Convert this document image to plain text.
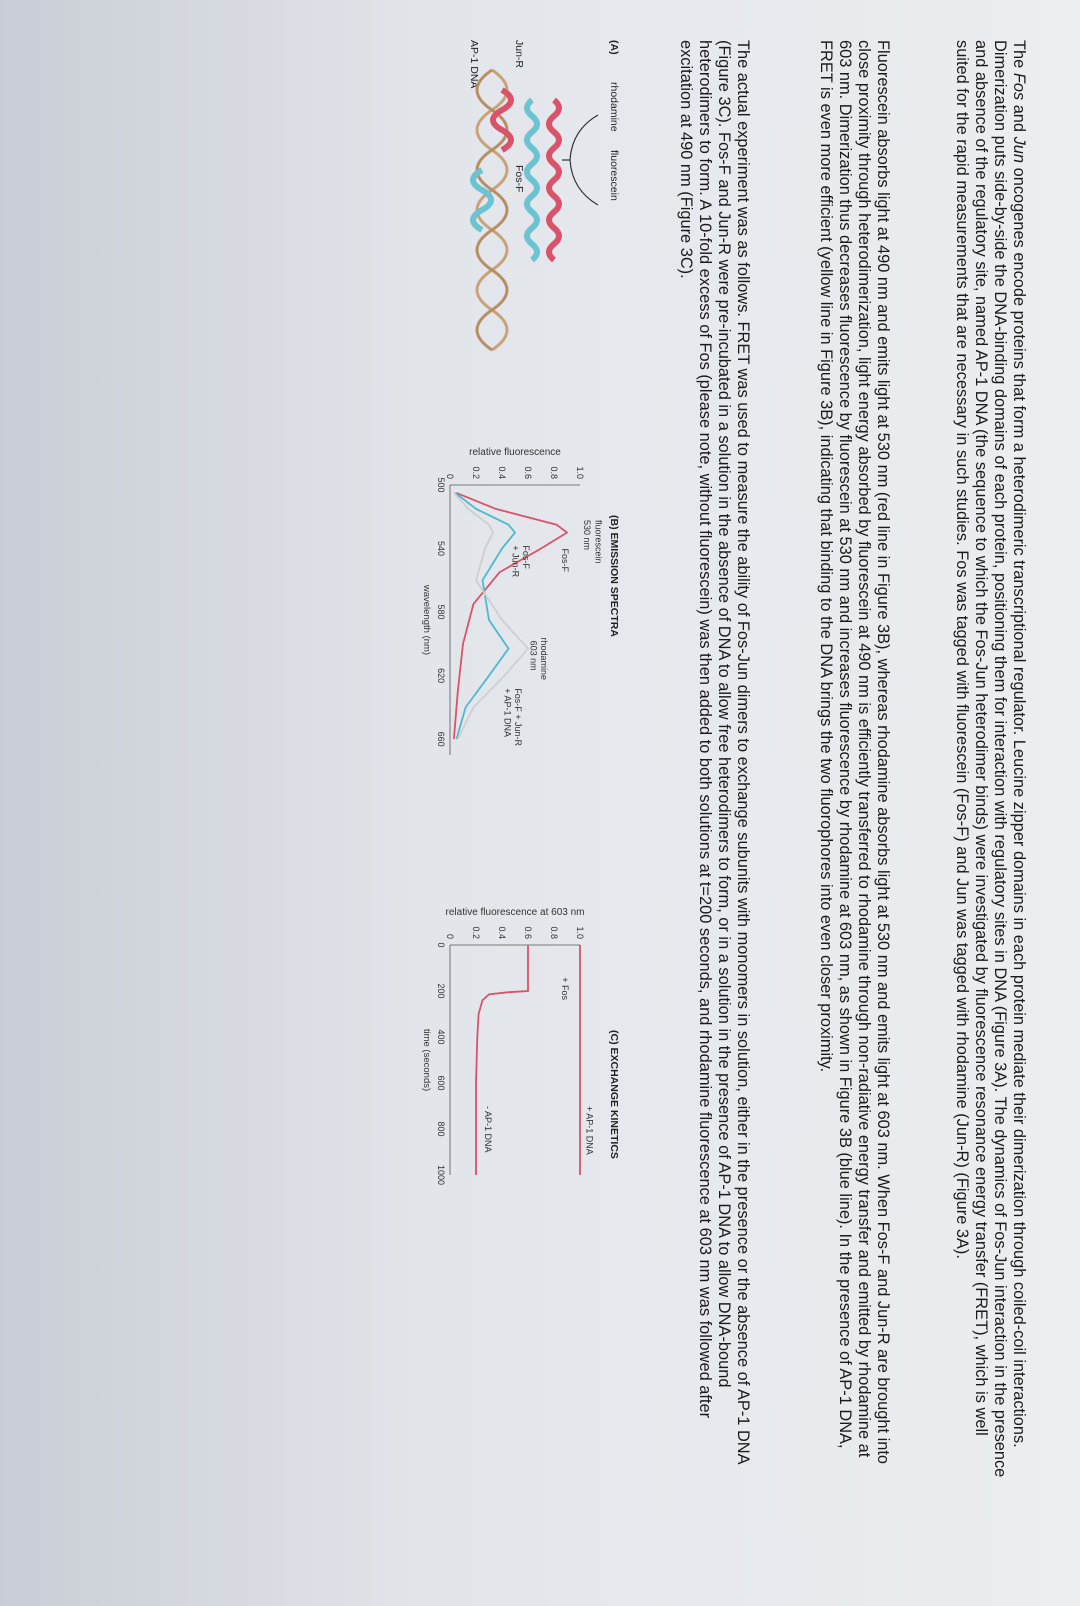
The Fos and Jun oncogenes encode proteins that form a heterodimeric transcriptional regulator. Leucine zipper domains in each protein mediate their dimerization through coiled-coil interactions. Dimerization puts side-by-side the DNA-binding domains of each protein, positioning them for interaction with regulatory sites in DNA (Figure 3A). The dynamics of Fos-Jun interaction in the presence and absence of the regulatory site, named AP-1 DNA (the sequence to which the Fos-Jun heterodimer binds) were investigated by fluorescence resonance energy transfer (FRET), which is well suited for the rapid measurements that are necessary in such studies. Fos was tagged with fluorescein (Fos-F) and Jun was tagged with rhodamine (Jun-R) (Figure 3A).

Fluorescein absorbs light at 490 nm and emits light at 530 nm (red line in Figure 3B), whereas rhodamine absorbs light at 530 nm and emits light at 603 nm. When Fos-F and Jun-R are brought into close proximity through heterodimerization, light energy absorbed by fluorescein at 490 nm is efficiently transferred to rhodamine through non-radiative energy transfer and emitted by rhodamine at 603 nm. Dimerization thus decreases fluorescence by fluorescein at 530 nm and increases fluorescence by rhodamine at 603 nm, as shown in Figure 3B (blue line). In the presence of AP-1 DNA, FRET is even more efficient (yellow line in Figure 3B), indicating that binding to the DNA brings the two fluorophores into even closer proximity.

The actual experiment was as follows. FRET was used to measure the ability of Fos-Jun dimers to exchange subunits with monomers in solution, either in the presence or the absence of AP-1 DNA (Figure 3C). Fos-F and Jun-R were pre-incubated in a solution in the absence of DNA to allow free heterodimers to form, or in a solution in the presence of AP-1 DNA to allow DNA-bound heterodimers to form. A 10-fold excess of Fos (please note, without fluorescein) was then added to both solutions at t=200 seconds, and rhodamine fluorescence at 603 nm was followed after excitation at 490 nm (Figure 3C).

(A)
rhodamine
fluorescein
Jun-R
Fos-F
AP-1 DNA
(B) EMISSION SPECTRA
1.0
0.8
0.6
0.4
0.2
0
500
540
580
620
660
wavelength (nm)
relative fluorescence
fluorescein
530 nm
Fos-F
Fos-F
+ Jun-R
rhodamine
603 nm
Fos-F + Jun-R
+ AP-1 DNA
(C) EXCHANGE KINETICS
1.0
0.8
0.6
0.4
0.2
0
0
200
400
600
800
1000
time (seconds)
relative fluorescence at 603 nm
+ AP-1 DNA
- AP-1 DNA
+ Fos
